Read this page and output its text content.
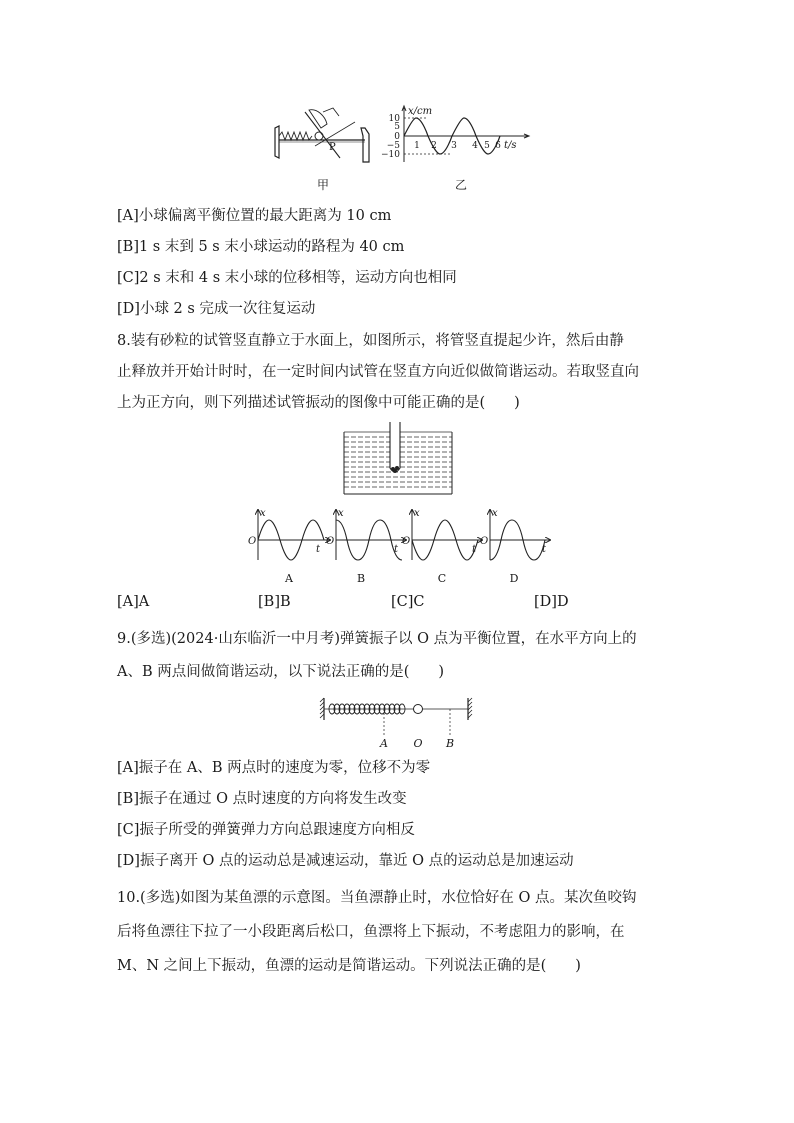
P
甲
x/cm
t/s
10
5
0
−5
−10
1 2 3 4 5 6
乙
[A]小球偏离平衡位置的最大距离为 10 cm
[B]1 s 末到 5 s 末小球运动的路程为 40 cm
[C]2 s 末和 4 s 末小球的位移相等，运动方向也相同
[D]小球 2 s 完成一次往复运动
8.装有砂粒的试管竖直静立于水面上，如图所示，将管竖直提起少许，然后由静
止释放并开始计时时，在一定时间内试管在竖直方向近似做简谐运动。若取竖直向
上为正方向，则下列描述试管振动的图像中可能正确的是(　　)
x
O
t
x
O
t
x
O
t
x
O
t
A	B	C	D
[A]A	[B]B	[C]C	[D]D
9.(多选)(2024·山东临沂一中月考)弹簧振子以 O 点为平衡位置，在水平方向上的
A、B 两点间做简谐运动，以下说法正确的是(　　)
A O B
[A]振子在 A、B 两点时的速度为零，位移不为零
[B]振子在通过 O 点时速度的方向将发生改变
[C]振子所受的弹簧弹力方向总跟速度方向相反
[D]振子离开 O 点的运动总是减速运动，靠近 O 点的运动总是加速运动
10.(多选)如图为某鱼漂的示意图。当鱼漂静止时，水位恰好在 O 点。某次鱼咬钩
后将鱼漂往下拉了一小段距离后松口，鱼漂将上下振动，不考虑阻力的影响，在
M、N 之间上下振动，鱼漂的运动是简谐运动。下列说法正确的是(　　)
